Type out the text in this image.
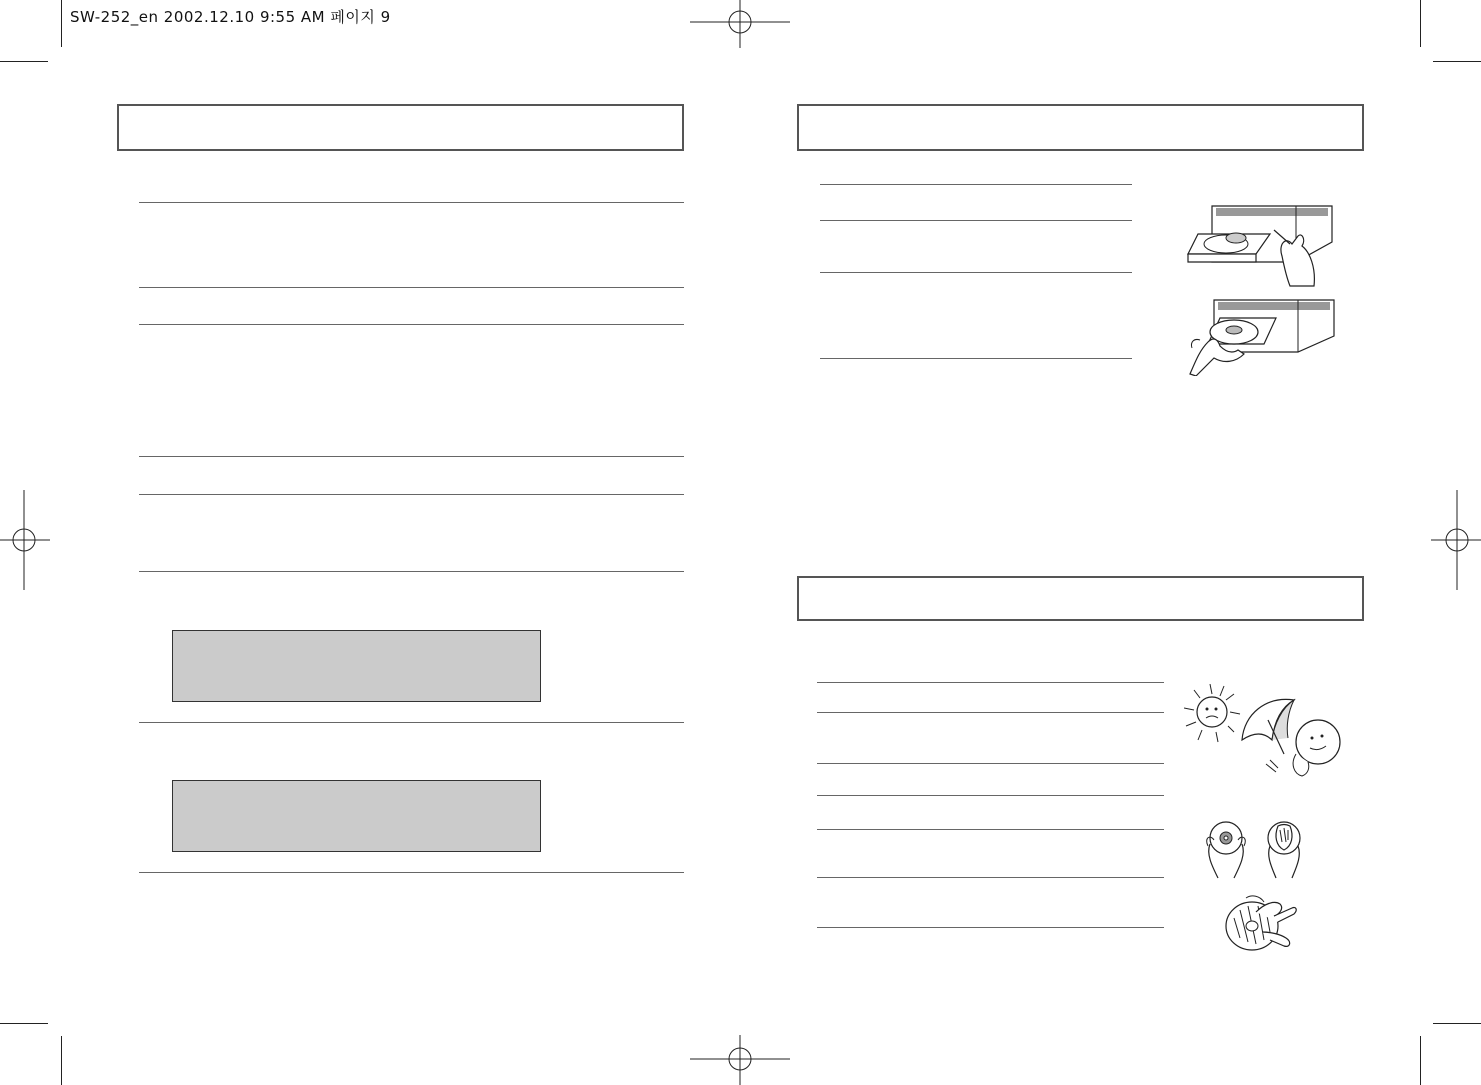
SW-252_en 2002.12.10 9:55 AM 페이지 9
